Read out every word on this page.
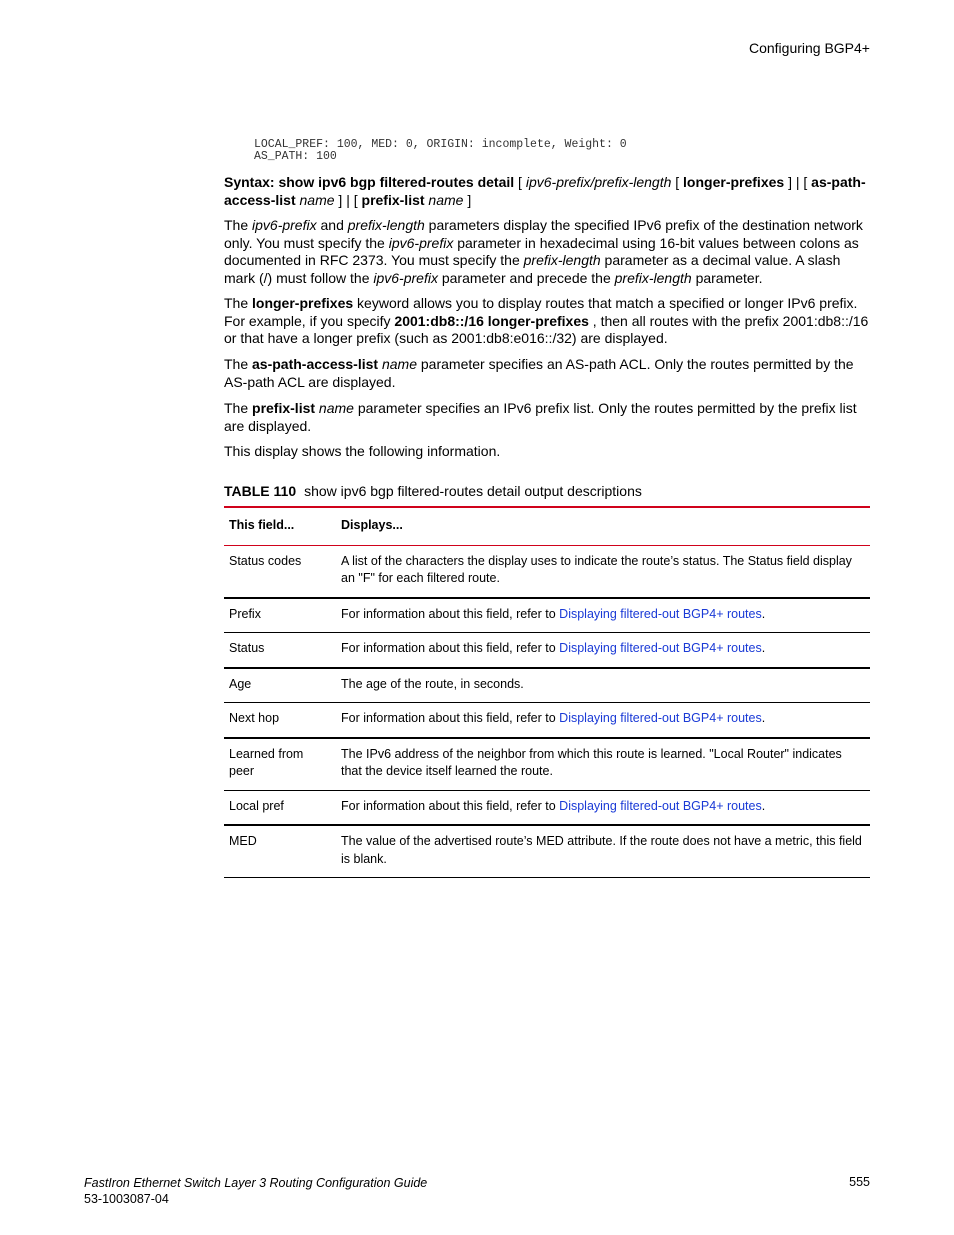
Configuring BGP4+
LOCAL_PREF: 100, MED: 0, ORIGIN: incomplete, Weight: 0
AS_PATH: 100

Syntax: show ipv6 bgp filtered-routes detail [ ipv6-prefix/prefix-length [ longer-prefixes ] | [ as-path-access-list name ] | [ prefix-list name ]

The ipv6-prefix and prefix-length parameters display the specified IPv6 prefix of the destination network only. You must specify the ipv6-prefix parameter in hexadecimal using 16-bit values between colons as documented in RFC 2373. You must specify the prefix-length parameter as a decimal value. A slash mark (/) must follow the ipv6-prefix parameter and precede the prefix-length parameter.

The longer-prefixes keyword allows you to display routes that match a specified or longer IPv6 prefix. For example, if you specify 2001:db8::/16 longer-prefixes , then all routes with the prefix 2001:db8::/16 or that have a longer prefix (such as 2001:db8:e016::/32) are displayed.

The as-path-access-list name parameter specifies an AS-path ACL. Only the routes permitted by the AS-path ACL are displayed.

The prefix-list name parameter specifies an IPv6 prefix list. Only the routes permitted by the prefix list are displayed.

This display shows the following information.

TABLE 110 show ipv6 bgp filtered-routes detail output descriptions
This field...	Displays...
Status codes	A list of the characters the display uses to indicate the route’s status. The Status field display an "F" for each filtered route.
Prefix	For information about this field, refer to Displaying filtered-out BGP4+ routes.
Status	For information about this field, refer to Displaying filtered-out BGP4+ routes.
Age	The age of the route, in seconds.
Next hop	For information about this field, refer to Displaying filtered-out BGP4+ routes.
Learned from peer	The IPv6 address of the neighbor from which this route is learned. "Local Router" indicates that the device itself learned the route.
Local pref	For information about this field, refer to Displaying filtered-out BGP4+ routes.
MED	The value of the advertised route’s MED attribute. If the route does not have a metric, this field is blank.
FastIron Ethernet Switch Layer 3 Routing Configuration Guide
53-1003087-04
555
